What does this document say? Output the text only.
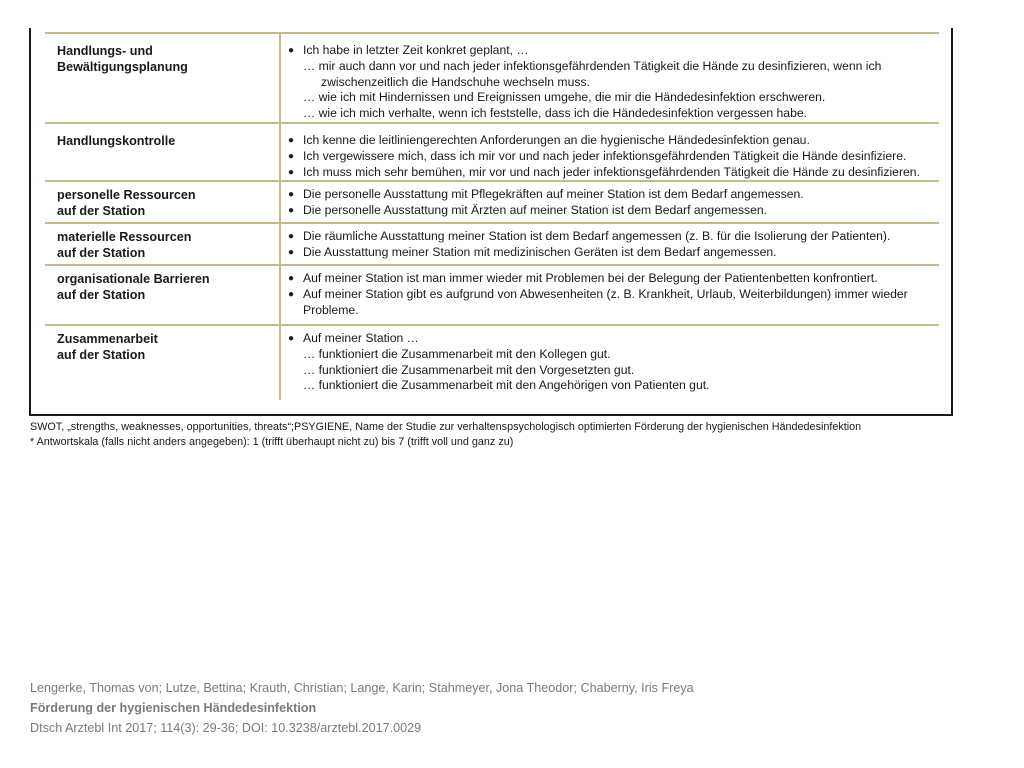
Handlungs- und
Bewältigungsplanung
● Ich habe in letzter Zeit konkret geplant, …
… mir auch dann vor und nach jeder infektionsgefährdenden Tätigkeit die Hände zu desinfizieren, wenn ich
zwischenzeitlich die Handschuhe wechseln muss.
… wie ich mit Hindernissen und Ereignissen umgehe, die mir die Händedesinfektion erschweren.
… wie ich mich verhalte, wenn ich feststelle, dass ich die Händedesinfektion vergessen habe.
Handlungskontrolle
●	Ich kenne die leitliniengerechten Anforderungen an die hygienische Händedesinfektion genau.
● Ich vergewissere mich, dass ich mir vor und nach jeder infektionsgefährdenden Tätigkeit die Hände desinfiziere.
● Ich muss mich sehr bemühen, mir vor und nach jeder infektionsgefährdenden Tätigkeit die Hände zu desinfizieren.
personelle Ressourcen
auf der Station
● Die personelle Ausstattung mit Pflegekräften auf meiner Station ist dem Bedarf angemessen.
● Die personelle Ausstattung mit Ärzten auf meiner Station ist dem Bedarf angemessen.
materielle Ressourcen
auf der Station
● Die räumliche Ausstattung meiner Station ist dem Bedarf angemessen (z. B. für die Isolierung der Patienten).
● Die Ausstattung meiner Station mit medizinischen Geräten ist dem Bedarf angemessen.
organisationale Barrieren
auf der Station
● Auf meiner Station ist man immer wieder mit Problemen bei der Belegung der Patientenbetten konfrontiert.
● Auf meiner Station gibt es aufgrund von Abwesenheiten (z. B. Krankheit, Urlaub, Weiterbildungen) immer wieder
Probleme.
Zusammenarbeit
auf der Station
● Auf meiner Station …
… funktioniert die Zusammenarbeit mit den Kollegen gut.
… funktioniert die Zusammenarbeit mit den Vorgesetzten gut.
… funktioniert die Zusammenarbeit mit den Angehörigen von Patienten gut.
SWOT, „strengths, weaknesses, opportunities, threats“;PSYGIENE, Name der Studie zur verhaltenspsychologisch optimierten Förderung der hygienischen Händedesinfektion
* Antwortskala (falls nicht anders angegeben): 1 (trifft überhaupt nicht zu) bis 7 (trifft voll und ganz zu)
Lengerke, Thomas von; Lutze, Bettina; Krauth, Christian; Lange, Karin; Stahmeyer, Jona Theodor; Chaberny, Iris Freya
Förderung der hygienischen Händedesinfektion
Dtsch Arztebl Int 2017; 114(3): 29-36; DOI: 10.3238/arztebl.2017.0029
